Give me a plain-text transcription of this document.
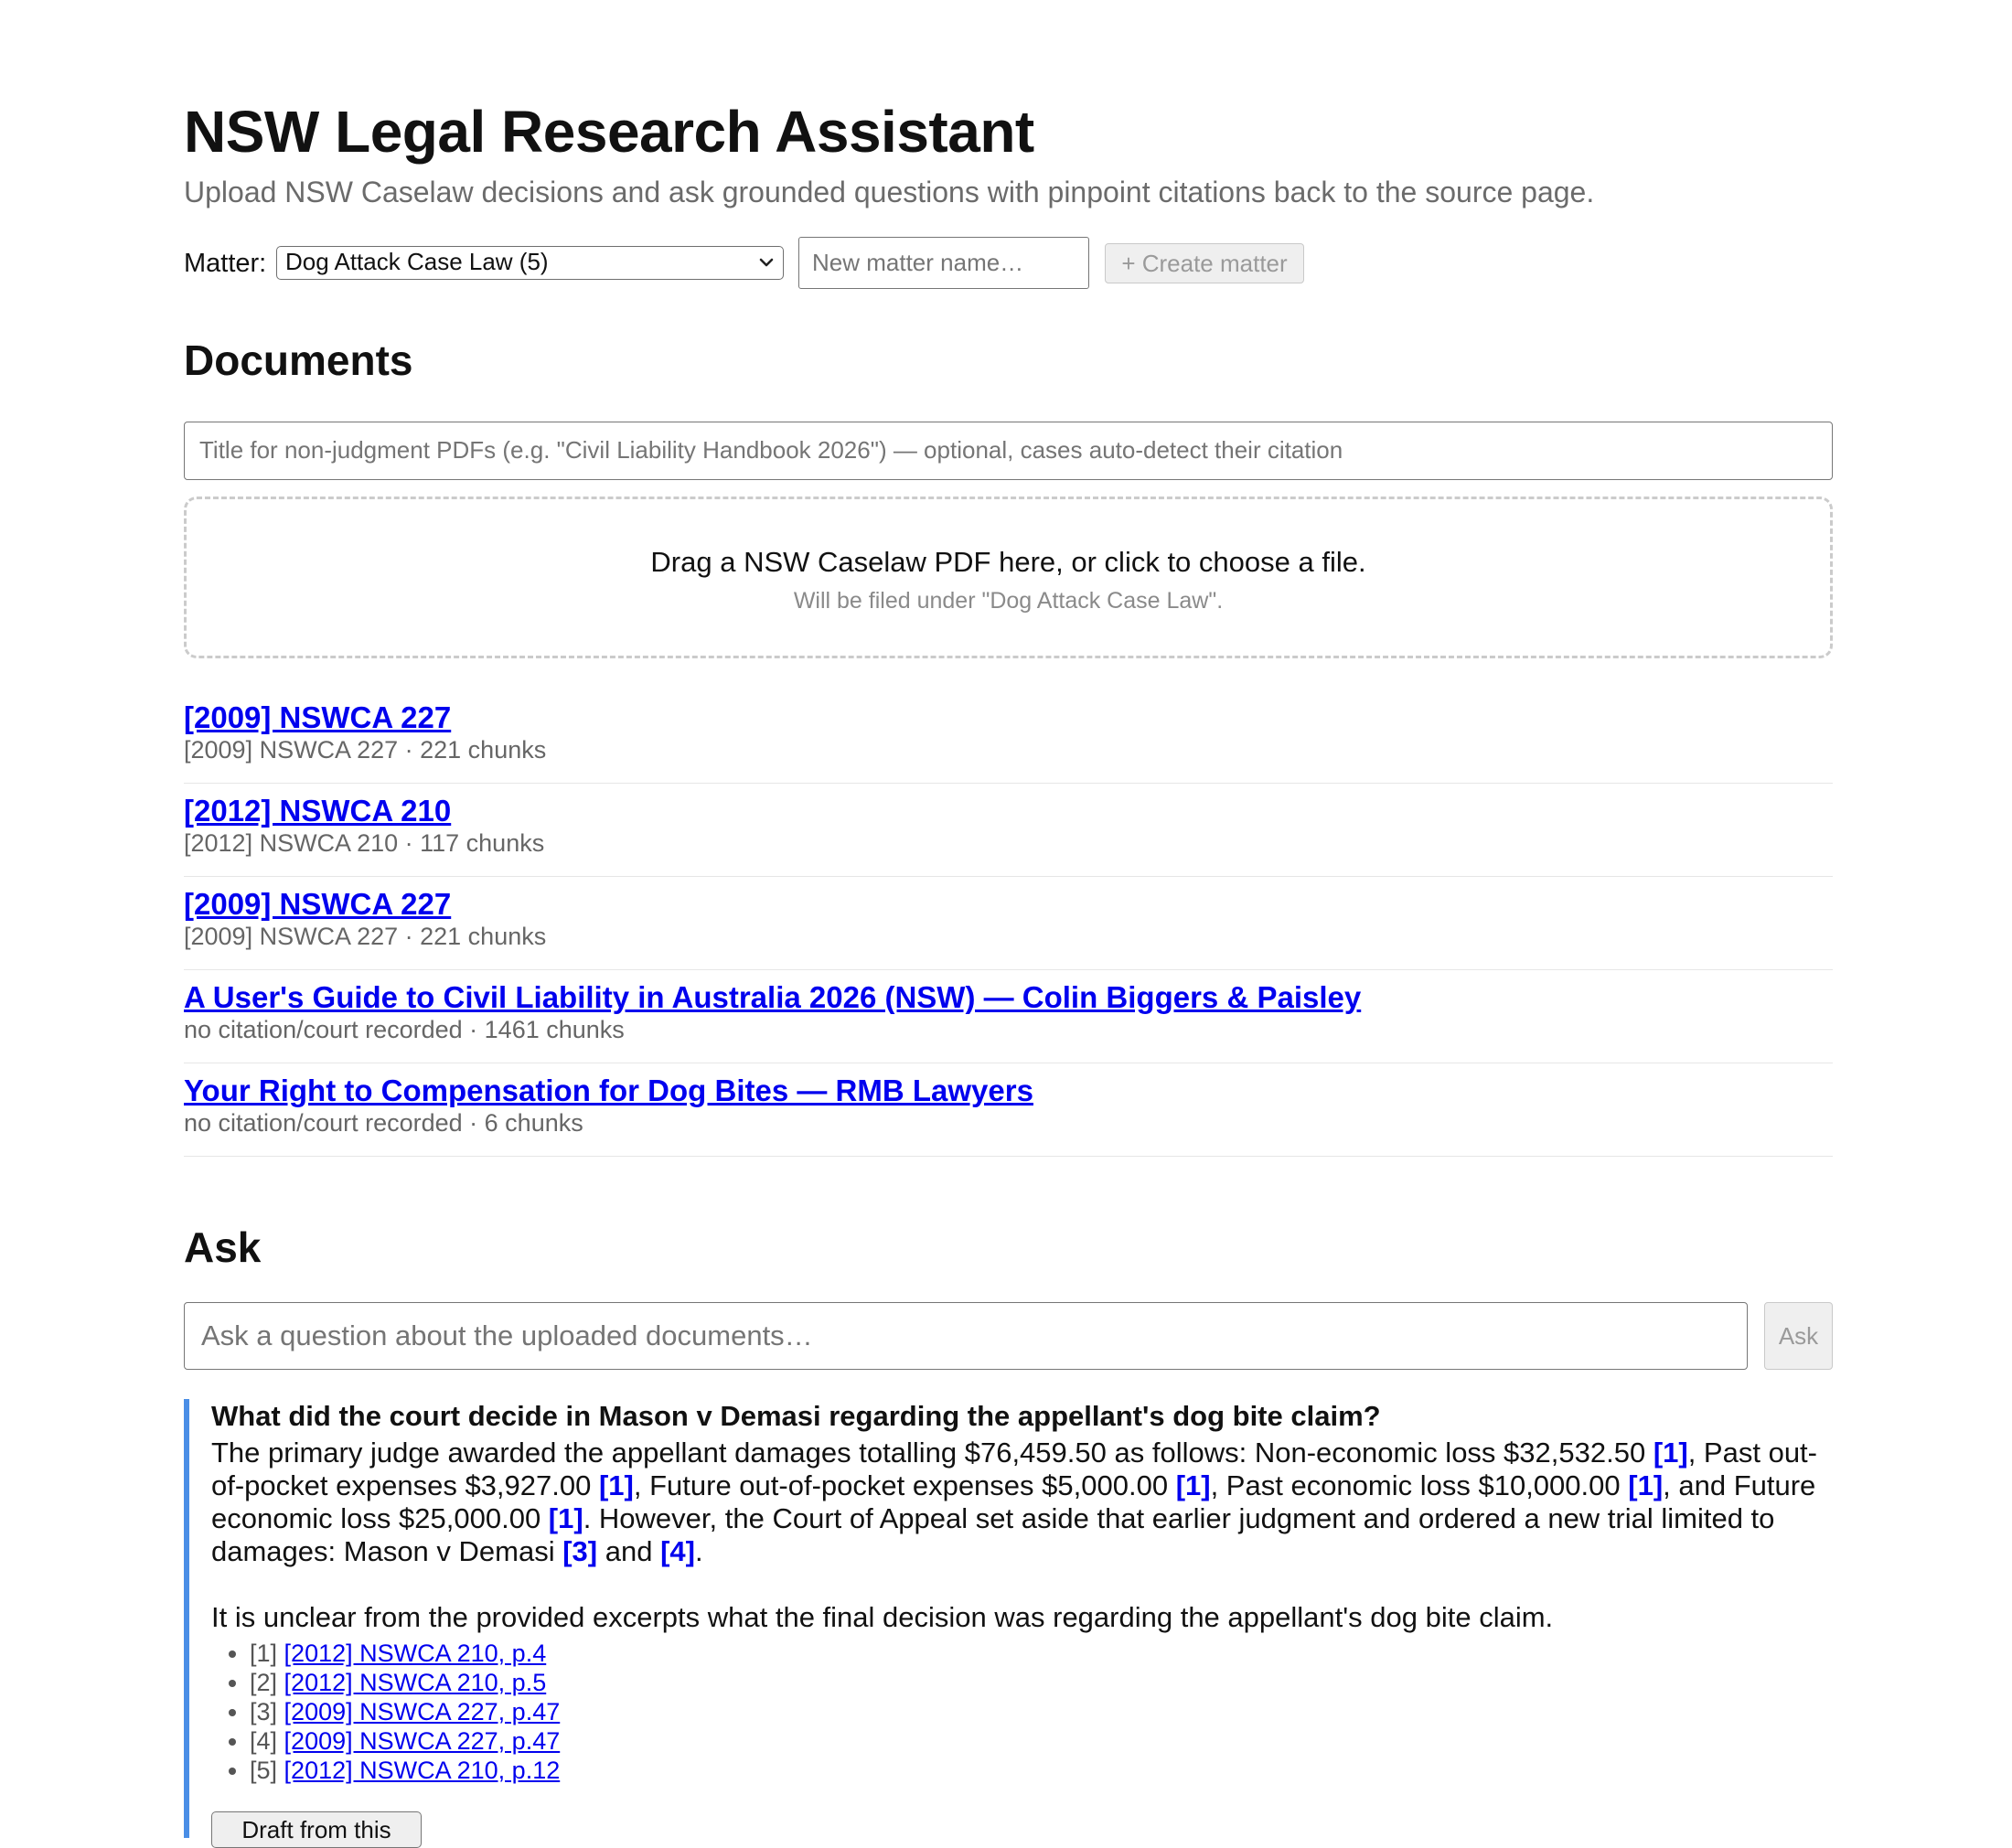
NSW Legal Research Assistant

Upload NSW Caselaw decisions and ask grounded questions with pinpoint citations back to the source page.

Matter: Dog Attack Case Law (5)	New matter name…	+ Create matter
Documents
Title for non-judgment PDFs (e.g. "Civil Liability Handbook 2026") — optional, cases auto-detect their citation
Drag a NSW Caselaw PDF here, or click to choose a file.
Will be filed under "Dog Attack Case Law".
[2009] NSWCA 227
[2009] NSWCA 227 · 221 chunks
[2012] NSWCA 210
[2012] NSWCA 210 · 117 chunks
[2009] NSWCA 227
[2009] NSWCA 227 · 221 chunks
A User's Guide to Civil Liability in Australia 2026 (NSW) — Colin Biggers & Paisley
no citation/court recorded · 1461 chunks
Your Right to Compensation for Dog Bites — RMB Lawyers
no citation/court recorded · 6 chunks
Ask
Ask a question about the uploaded documents…	Ask
What did the court decide in Mason v Demasi regarding the appellant's dog bite claim?

The primary judge awarded the appellant damages totalling $76,459.50 as follows: Non-economic loss $32,532.50 [1], Past out-of-pocket expenses $3,927.00 [1], Future out-of-pocket expenses $5,000.00 [1], Past economic loss $10,000.00 [1], and Future economic loss $25,000.00 [1]. However, the Court of Appeal set aside that earlier judgment and ordered a new trial limited to damages: Mason v Demasi [3] and [4].

It is unclear from the provided excerpts what the final decision was regarding the appellant's dog bite claim.

• [1] [2012] NSWCA 210, p.4
• [2] [2012] NSWCA 210, p.5
• [3] [2009] NSWCA 227, p.47
• [4] [2009] NSWCA 227, p.47
• [5] [2012] NSWCA 210, p.12
Draft from this
